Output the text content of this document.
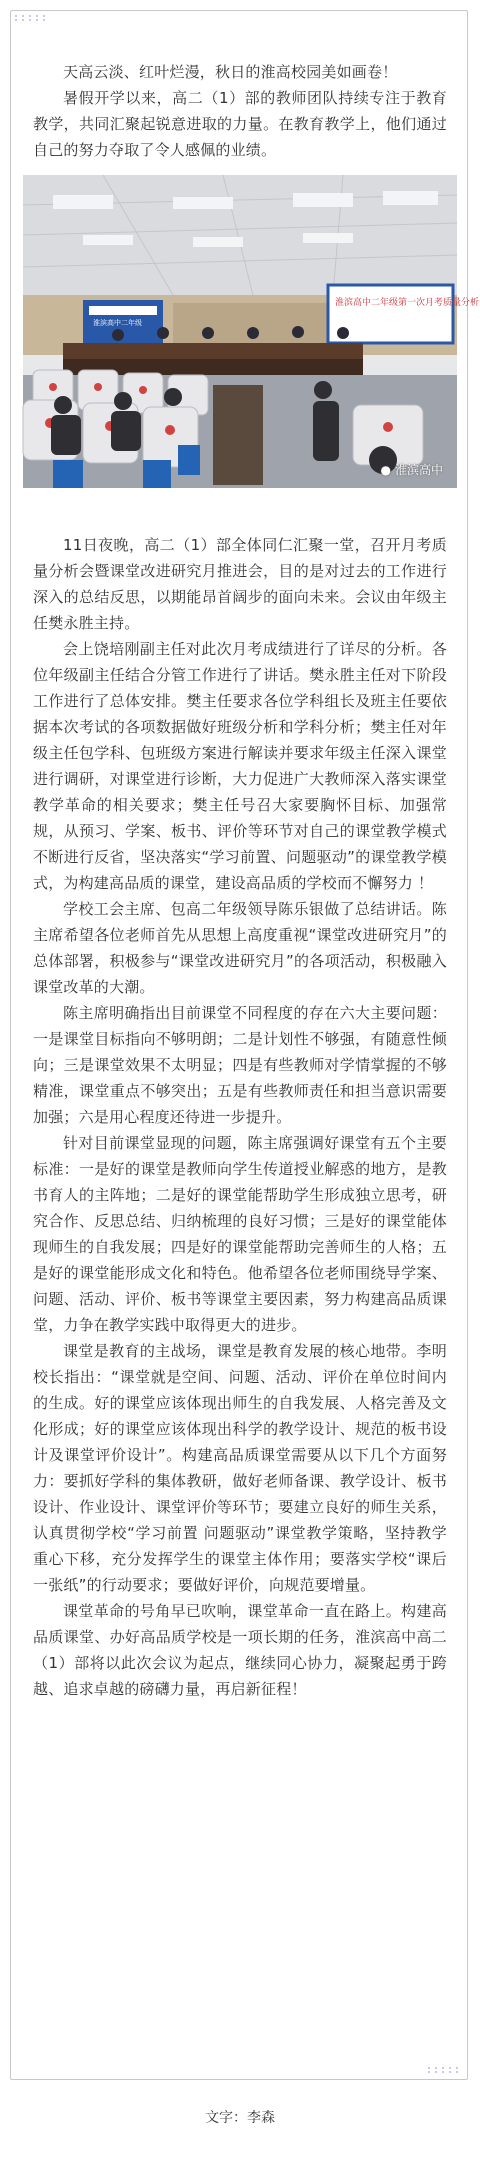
天高云淡、红叶烂漫，秋日的淮高校园美如画卷！

暑假开学以来，高二（1）部的教师团队持续专注于教育教学，共同汇聚起锐意进取的力量。在教育教学上，他们通过自己的努力夺取了令人感佩的业绩。

淮滨高中二年级
淮滨高中二年级第一次月考质量分析
● 淮滨高中

11日夜晚，高二（1）部全体同仁汇聚一堂，召开月考质量分析会暨课堂改进研究月推进会，目的是对过去的工作进行深入的总结反思，以期能昂首阔步的面向未来。会议由年级主任樊永胜主持。

会上饶培刚副主任对此次月考成绩进行了详尽的分析。各位年级副主任结合分管工作进行了讲话。樊永胜主任对下阶段工作进行了总体安排。樊主任要求各位学科组长及班主任要依据本次考试的各项数据做好班级分析和学科分析；樊主任对年级主任包学科、包班级方案进行解读并要求年级主任深入课堂进行调研，对课堂进行诊断，大力促进广大教师深入落实课堂教学革命的相关要求；樊主任号召大家要胸怀目标、加强常规，从预习、学案、板书、评价等环节对自己的课堂教学模式不断进行反省，坚决落实“学习前置、问题驱动”的课堂教学模式，为构建高品质的课堂，建设高品质的学校而不懈努力 ！

学校工会主席、包高二年级领导陈乐银做了总结讲话。陈主席希望各位老师首先从思想上高度重视“课堂改进研究月”的总体部署，积极参与“课堂改进研究月”的各项活动，积极融入课堂改革的大潮。

陈主席明确指出目前课堂不同程度的存在六大主要问题：一是课堂目标指向不够明朗；二是计划性不够强，有随意性倾向；三是课堂效果不太明显；四是有些教师对学情掌握的不够精准，课堂重点不够突出；五是有些教师责任和担当意识需要加强；六是用心程度还待进一步提升。

针对目前课堂显现的问题，陈主席强调好课堂有五个主要标准：一是好的课堂是教师向学生传道授业解惑的地方，是教书育人的主阵地；二是好的课堂能帮助学生形成独立思考，研究合作、反思总结、归纳梳理的良好习惯；三是好的课堂能体现师生的自我发展；四是好的课堂能帮助完善师生的人格；五是好的课堂能形成文化和特色。他希望各位老师围绕导学案、问题、活动、评价、板书等课堂主要因素，努力构建高品质课堂，力争在教学实践中取得更大的进步。

课堂是教育的主战场，课堂是教育发展的核心地带。李明校长指出：“课堂就是空间、问题、活动、评价在单位时间内的生成。好的课堂应该体现出师生的自我发展、人格完善及文化形成；好的课堂应该体现出科学的教学设计、规范的板书设计及课堂评价设计”。构建高品质课堂需要从以下几个方面努力：要抓好学科的集体教研，做好老师备课、教学设计、板书设计、作业设计、课堂评价等环节；要建立良好的师生关系，认真贯彻学校“学习前置 问题驱动”课堂教学策略，坚持教学重心下移，充分发挥学生的课堂主体作用；要落实学校“课后一张纸”的行动要求；要做好评价，向规范要增量。

课堂革命的号角早已吹响，课堂革命一直在路上。构建高品质课堂、办好高品质学校是一项长期的任务，淮滨高中高二（1）部将以此次会议为起点，继续同心协力，凝聚起勇于跨越、追求卓越的磅礴力量，再启新征程！

文字：李森
